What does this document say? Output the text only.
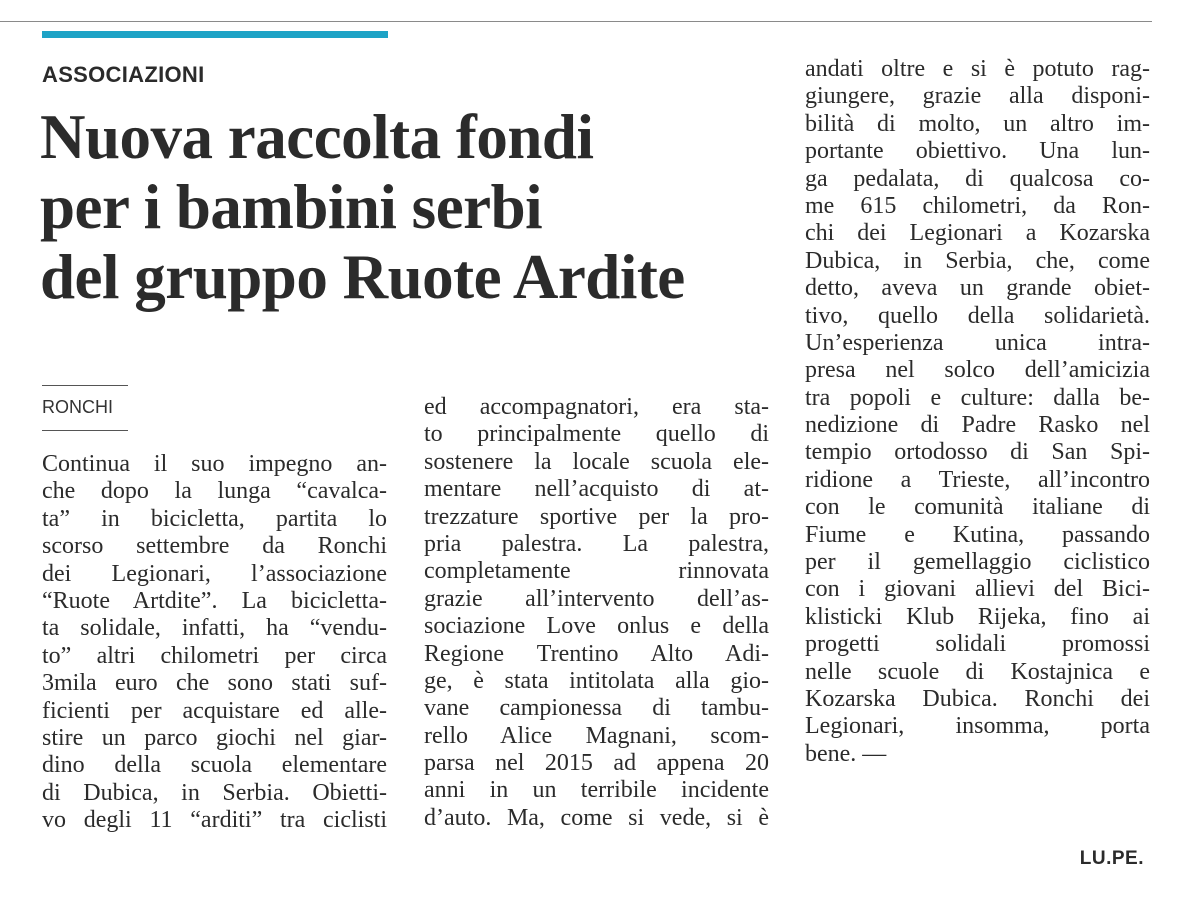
ASSOCIAZIONI
Nuova raccolta fondi
per i bambini serbi
del gruppo Ruote Ardite
RONCHI
Continua il suo impegno an-
che dopo la lunga “cavalca-
ta” in bicicletta, partita lo
scorso settembre da Ronchi
dei Legionari, l’associazione
“Ruote Artdite”. La bicicletta-
ta solidale, infatti, ha “vendu-
to” altri chilometri per circa
3mila euro che sono stati suf-
ficienti per acquistare ed alle-
stire un parco giochi nel giar-
dino della scuola elementare
di Dubica, in Serbia. Obietti-
vo degli 11 “arditi” tra ciclisti
ed accompagnatori, era sta-
to principalmente quello di
sostenere la locale scuola ele-
mentare nell’acquisto di at-
trezzature sportive per la pro-
pria palestra. La palestra,
completamente rinnovata
grazie all’intervento dell’as-
sociazione Love onlus e della
Regione Trentino Alto Adi-
ge, è stata intitolata alla gio-
vane campionessa di tambu-
rello Alice Magnani, scom-
parsa nel 2015 ad appena 20
anni in un terribile incidente
d’auto. Ma, come si vede, si è
andati oltre e si è potuto rag-
giungere, grazie alla disponi-
bilità di molto, un altro im-
portante obiettivo. Una lun-
ga pedalata, di qualcosa co-
me 615 chilometri, da Ron-
chi dei Legionari a Kozarska
Dubica, in Serbia, che, come
detto, aveva un grande obiet-
tivo, quello della solidarietà.
Un’esperienza unica intra-
presa nel solco dell’amicizia
tra popoli e culture: dalla be-
nedizione di Padre Rasko nel
tempio ortodosso di San Spi-
ridione a Trieste, all’incontro
con le comunità italiane di
Fiume e Kutina, passando
per il gemellaggio ciclistico
con i giovani allievi del Bici-
klisticki Klub Rijeka, fino ai
progetti solidali promossi
nelle scuole di Kostajnica e
Kozarska Dubica. Ronchi dei
Legionari, insomma, porta
bene. —
LU.PE.
